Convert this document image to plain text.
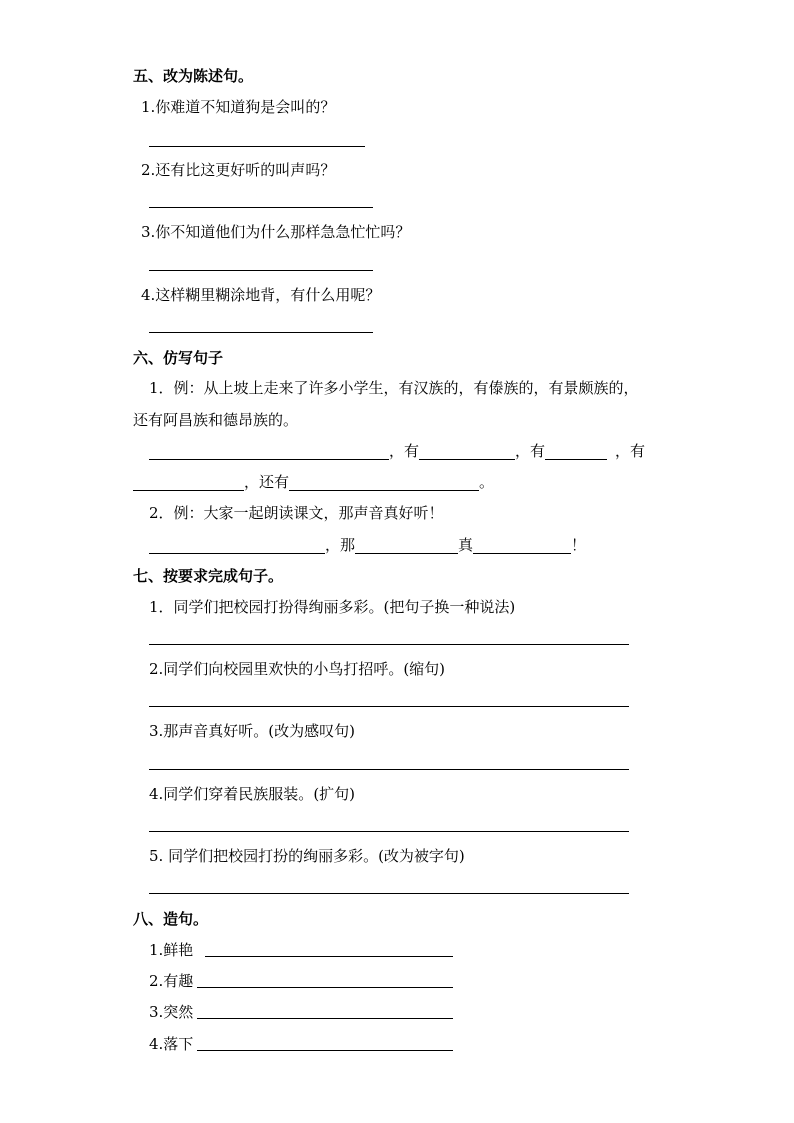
五、改为陈述句。
1.你难道不知道狗是会叫的？
2.还有比这更好听的叫声吗？
3.你不知道他们为什么那样急急忙忙吗？
4.这样糊里糊涂地背，有什么用呢？
六、仿写句子
1．例：从上坡上走来了许多小学生，有汉族的，有傣族的，有景颇族的，
还有阿昌族和德昂族的。
，有	，有	，有
，还有	。
2．例：大家一起朗读课文，那声音真好听！
，那	真	！
七、按要求完成句子。
1．同学们把校园打扮得绚丽多彩。(把句子换一种说法)
2.同学们向校园里欢快的小鸟打招呼。(缩句)
3.那声音真好听。(改为感叹句)
4.同学们穿着民族服装。(扩句)
5. 同学们把校园打扮的绚丽多彩。(改为被字句)
八、造句。
1.鲜艳
2.有趣
3.突然
4.落下
